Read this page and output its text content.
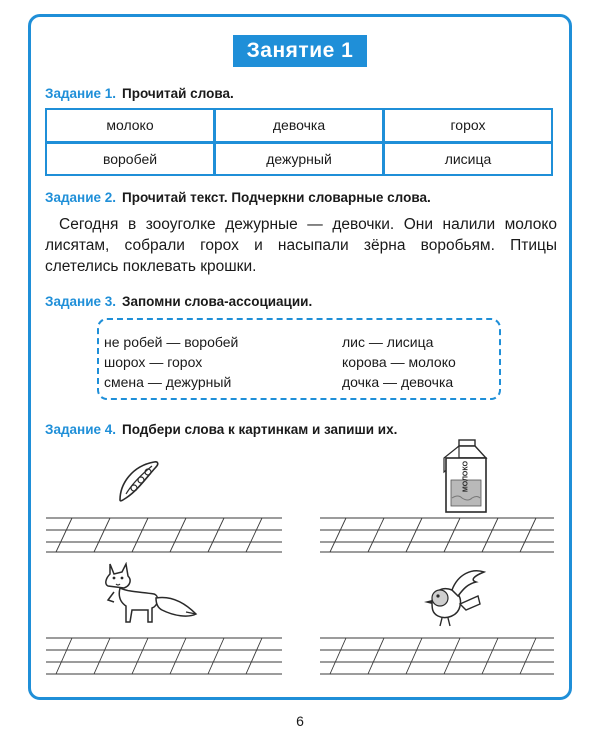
Занятие 1
Задание 1. Прочитай слова.
молоко	девочка	горох
воробей	дежурный	лисица
Задание 2. Прочитай текст. Подчеркни словарные слова.

Сегодня в зооуголке дежурные — девочки. Они налили молоко лисятам, собрали горох и насыпали зёрна воробьям. Птицы слетелись поклевать крошки.

Задание 3. Запомни слова-ассоциации.
не робей — воробей
шорох — горох
смена — дежурный
лис — лисица
корова — молоко
дочка — девочка
Задание 4. Подбери слова к картинкам и запиши их.
МОЛОКО
6
